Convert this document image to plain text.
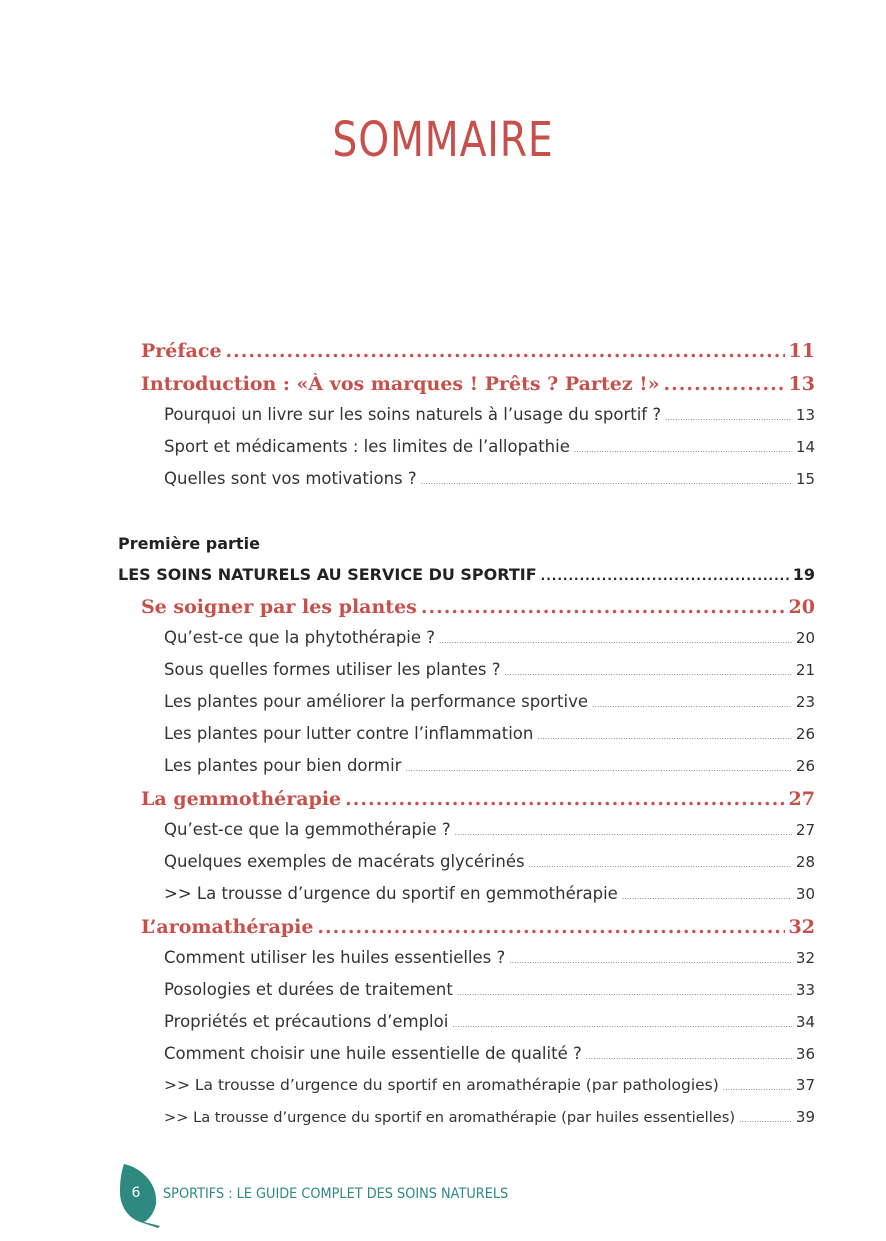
SOMMAIRE
Préface .....	11
Introduction : «À vos marques ! Prêts ? Partez !» .....	13
Pourquoi un livre sur les soins naturels à l’usage du sportif ? .....	13
Sport et médicaments : les limites de l’allopathie .....	14
Quelles sont vos motivations ? .....	15
Première partie
LES SOINS NATURELS AU SERVICE DU SPORTIF .....	19
Se soigner par les plantes .....	20
Qu’est-ce que la phytothérapie ? .....	20
Sous quelles formes utiliser les plantes ? .....	21
Les plantes pour améliorer la performance sportive .....	23
Les plantes pour lutter contre l’inflammation .....	26
Les plantes pour bien dormir .....	26
La gemmothérapie .....	27
Qu’est-ce que la gemmothérapie ? .....	27
Quelques exemples de macérats glycérinés .....	28
>> La trousse d’urgence du sportif en gemmothérapie .....	30
L’aromathérapie .....	32
Comment utiliser les huiles essentielles ? .....	32
Posologies et durées de traitement .....	33
Propriétés et précautions d’emploi .....	34
Comment choisir une huile essentielle de qualité ? .....	36
>> La trousse d’urgence du sportif en aromathérapie (par pathologies) .....	37
>> La trousse d’urgence du sportif en aromathérapie (par huiles essentielles) .....	39
6	SPORTIFS : LE GUIDE COMPLET DES SOINS NATURELS
